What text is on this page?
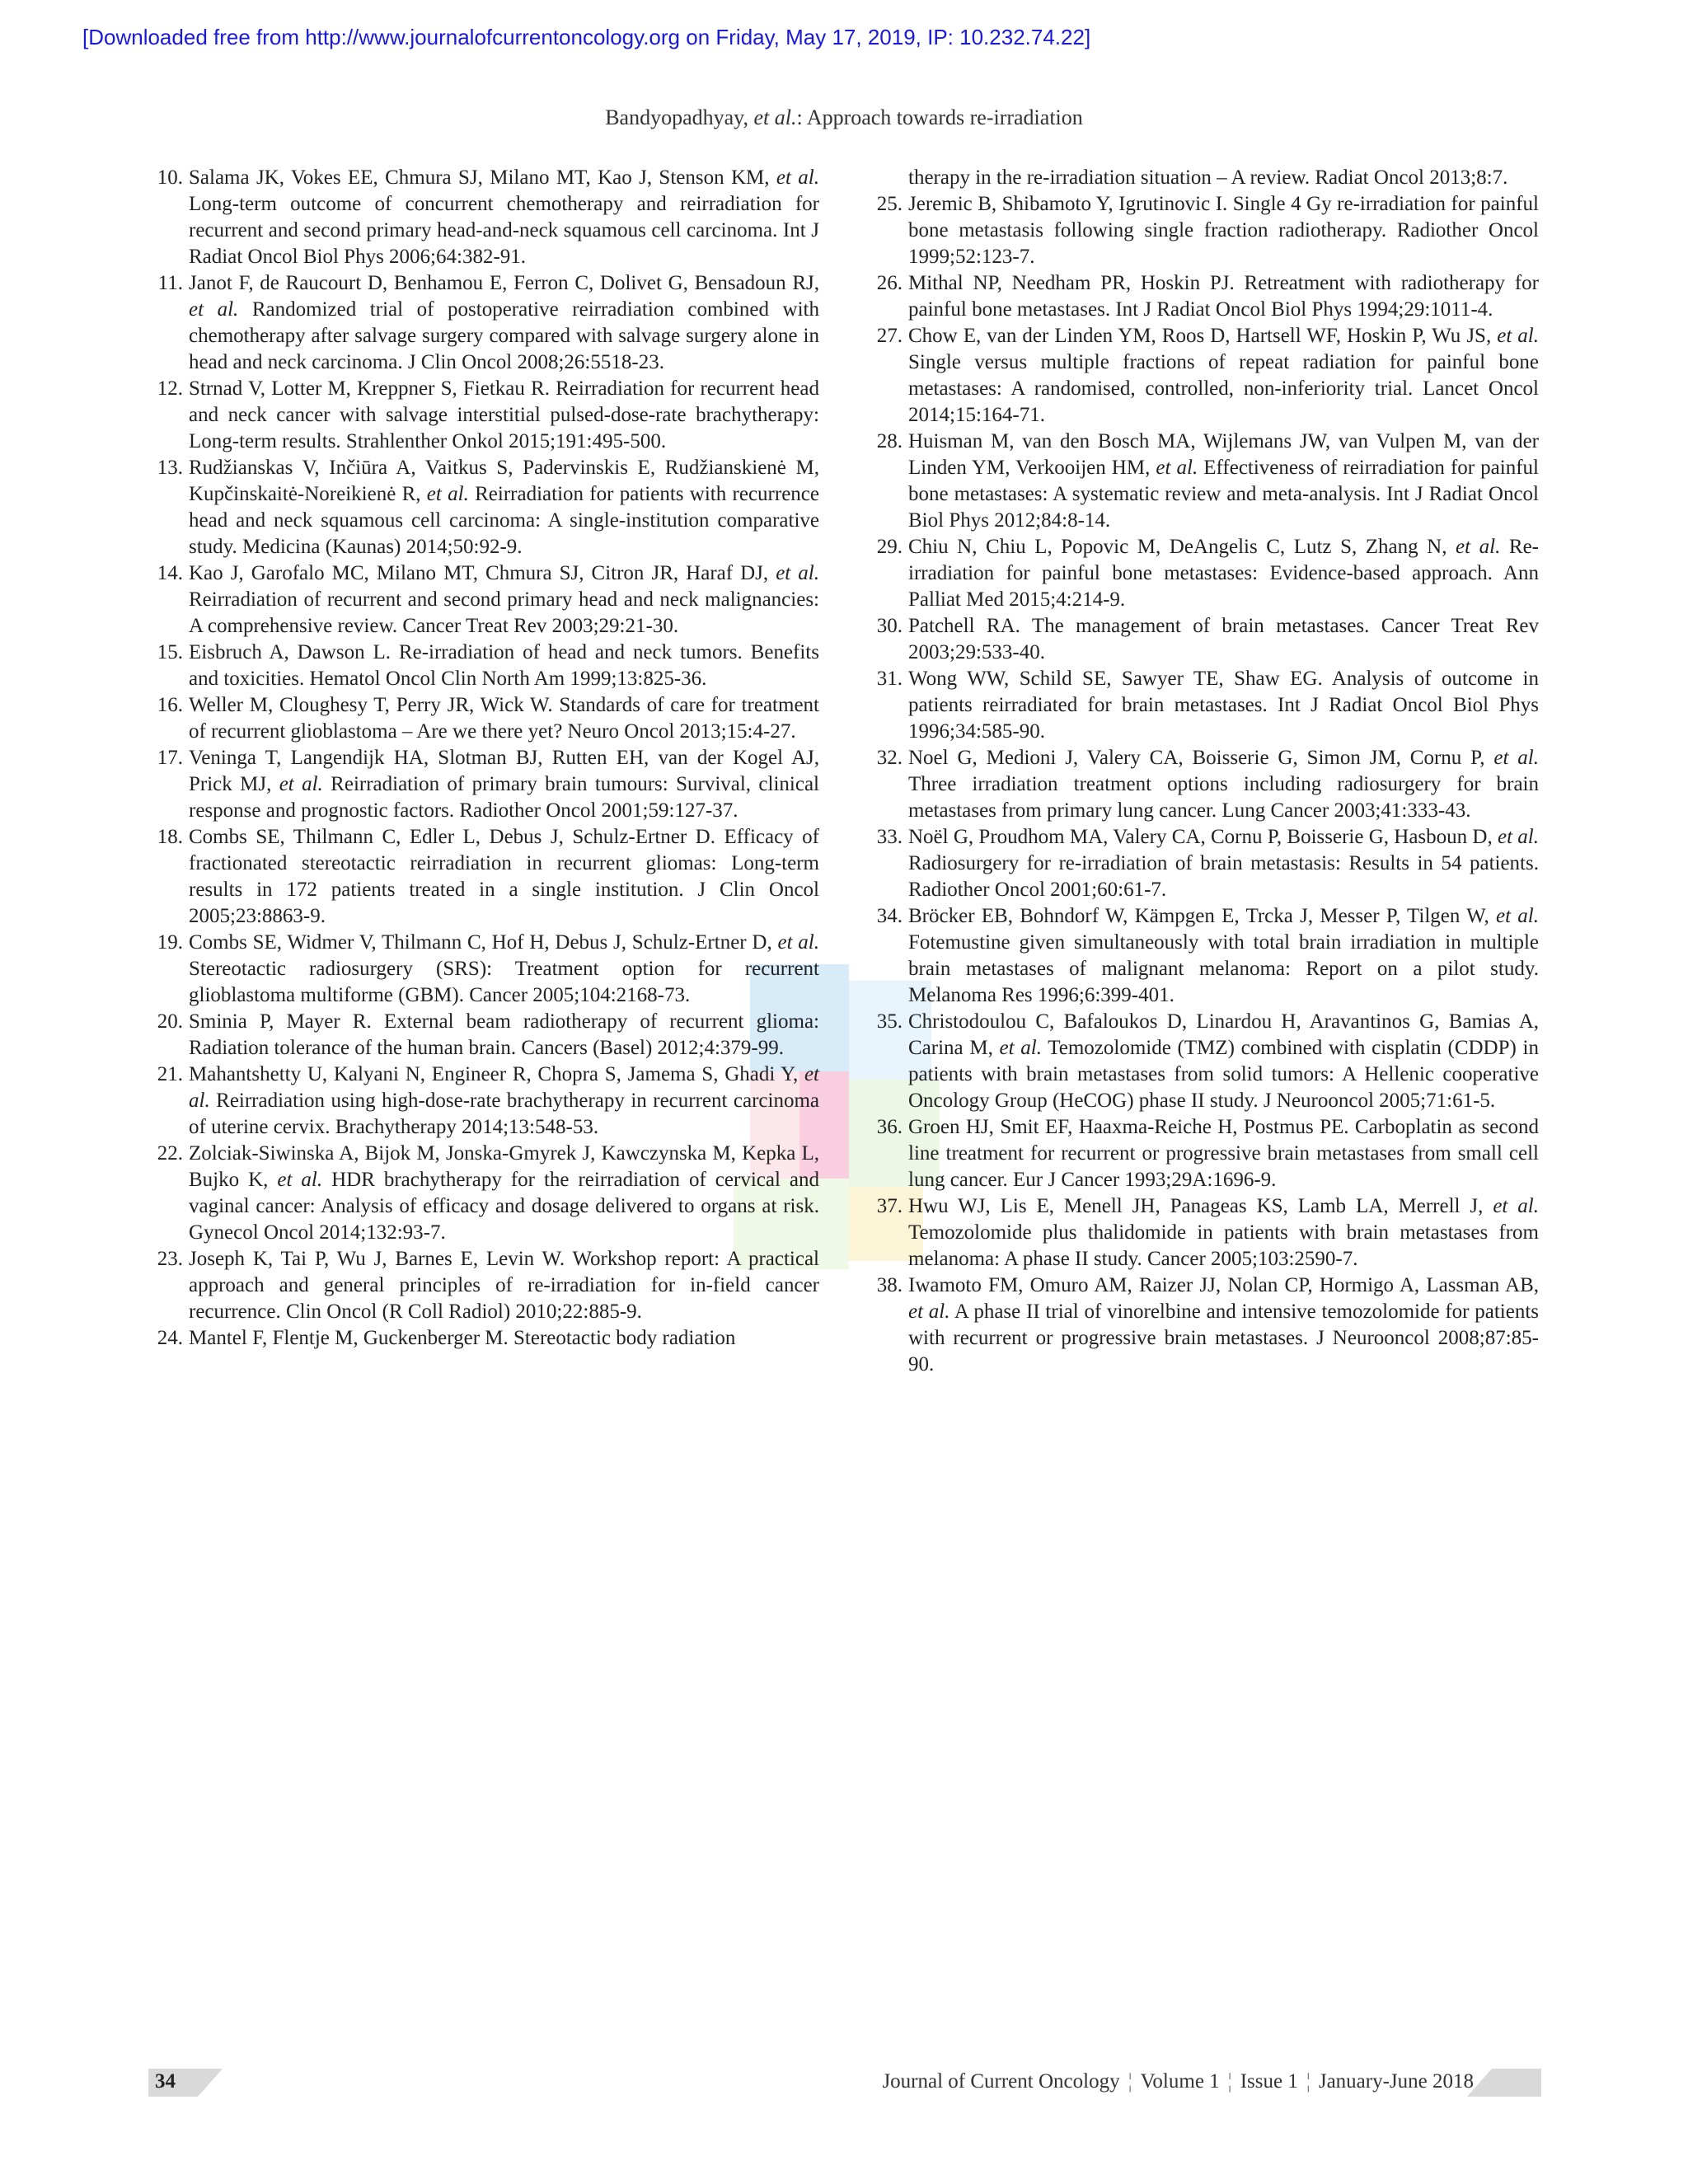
[Downloaded free from http://www.journalofcurrentoncology.org on Friday, May 17, 2019, IP: 10.232.74.22]
Bandyopadhyay, et al.: Approach towards re-irradiation

10. Salama JK, Vokes EE, Chmura SJ, Milano MT, Kao J, Stenson KM, et al. Long-term outcome of concurrent chemotherapy and reirradiation for recurrent and second primary head-and-neck squamous cell carcinoma. Int J Radiat Oncol Biol Phys 2006;64:382-91.

11. Janot F, de Raucourt D, Benhamou E, Ferron C, Dolivet G, Bensadoun RJ, et al. Randomized trial of postoperative reirradiation combined with chemotherapy after salvage surgery compared with salvage surgery alone in head and neck carcinoma. J Clin Oncol 2008;26:5518-23.

12. Strnad V, Lotter M, Kreppner S, Fietkau R. Reirradiation for recurrent head and neck cancer with salvage interstitial pulsed-dose-rate brachytherapy: Long-term results. Strahlenther Onkol 2015;191:495-500.

13. Rudžianskas V, Inčiūra A, Vaitkus S, Padervinskis E, Rudžianskienė M, Kupčinskaitė-Noreikienė R, et al. Reirradiation for patients with recurrence head and neck squamous cell carcinoma: A single-institution comparative study. Medicina (Kaunas) 2014;50:92-9.

14. Kao J, Garofalo MC, Milano MT, Chmura SJ, Citron JR, Haraf DJ, et al. Reirradiation of recurrent and second primary head and neck malignancies: A comprehensive review. Cancer Treat Rev 2003;29:21-30.

15. Eisbruch A, Dawson L. Re-irradiation of head and neck tumors. Benefits and toxicities. Hematol Oncol Clin North Am 1999;13:825-36.

16. Weller M, Cloughesy T, Perry JR, Wick W. Standards of care for treatment of recurrent glioblastoma – Are we there yet? Neuro Oncol 2013;15:4-27.

17. Veninga T, Langendijk HA, Slotman BJ, Rutten EH, van der Kogel AJ, Prick MJ, et al. Reirradiation of primary brain tumours: Survival, clinical response and prognostic factors. Radiother Oncol 2001;59:127-37.

18. Combs SE, Thilmann C, Edler L, Debus J, Schulz-Ertner D. Efficacy of fractionated stereotactic reirradiation in recurrent gliomas: Long-term results in 172 patients treated in a single institution. J Clin Oncol 2005;23:8863-9.

19. Combs SE, Widmer V, Thilmann C, Hof H, Debus J, Schulz-Ertner D, et al. Stereotactic radiosurgery (SRS): Treatment option for recurrent glioblastoma multiforme (GBM). Cancer 2005;104:2168-73.

20. Sminia P, Mayer R. External beam radiotherapy of recurrent glioma: Radiation tolerance of the human brain. Cancers (Basel) 2012;4:379-99.

21. Mahantshetty U, Kalyani N, Engineer R, Chopra S, Jamema S, Ghadi Y, et al. Reirradiation using high-dose-rate brachytherapy in recurrent carcinoma of uterine cervix. Brachytherapy 2014;13:548-53.

22. Zolciak-Siwinska A, Bijok M, Jonska-Gmyrek J, Kawczynska M, Kepka L, Bujko K, et al. HDR brachytherapy for the reirradiation of cervical and vaginal cancer: Analysis of efficacy and dosage delivered to organs at risk. Gynecol Oncol 2014;132:93-7.

23. Joseph K, Tai P, Wu J, Barnes E, Levin W. Workshop report: A practical approach and general principles of re-irradiation for in-field cancer recurrence. Clin Oncol (R Coll Radiol) 2010;22:885-9.

24. Mantel F, Flentje M, Guckenberger M. Stereotactic body radiation

therapy in the re-irradiation situation – A review. Radiat Oncol 2013;8:7.

25. Jeremic B, Shibamoto Y, Igrutinovic I. Single 4 Gy re-irradiation for painful bone metastasis following single fraction radiotherapy. Radiother Oncol 1999;52:123-7.

26. Mithal NP, Needham PR, Hoskin PJ. Retreatment with radiotherapy for painful bone metastases. Int J Radiat Oncol Biol Phys 1994;29:1011-4.

27. Chow E, van der Linden YM, Roos D, Hartsell WF, Hoskin P, Wu JS, et al. Single versus multiple fractions of repeat radiation for painful bone metastases: A randomised, controlled, non-inferiority trial. Lancet Oncol 2014;15:164-71.

28. Huisman M, van den Bosch MA, Wijlemans JW, van Vulpen M, van der Linden YM, Verkooijen HM, et al. Effectiveness of reirradiation for painful bone metastases: A systematic review and meta-analysis. Int J Radiat Oncol Biol Phys 2012;84:8-14.

29. Chiu N, Chiu L, Popovic M, DeAngelis C, Lutz S, Zhang N, et al. Re-irradiation for painful bone metastases: Evidence-based approach. Ann Palliat Med 2015;4:214-9.

30. Patchell RA. The management of brain metastases. Cancer Treat Rev 2003;29:533-40.

31. Wong WW, Schild SE, Sawyer TE, Shaw EG. Analysis of outcome in patients reirradiated for brain metastases. Int J Radiat Oncol Biol Phys 1996;34:585-90.

32. Noel G, Medioni J, Valery CA, Boisserie G, Simon JM, Cornu P, et al. Three irradiation treatment options including radiosurgery for brain metastases from primary lung cancer. Lung Cancer 2003;41:333-43.

33. Noël G, Proudhom MA, Valery CA, Cornu P, Boisserie G, Hasboun D, et al. Radiosurgery for re-irradiation of brain metastasis: Results in 54 patients. Radiother Oncol 2001;60:61-7.

34. Bröcker EB, Bohndorf W, Kämpgen E, Trcka J, Messer P, Tilgen W, et al. Fotemustine given simultaneously with total brain irradiation in multiple brain metastases of malignant melanoma: Report on a pilot study. Melanoma Res 1996;6:399-401.

35. Christodoulou C, Bafaloukos D, Linardou H, Aravantinos G, Bamias A, Carina M, et al. Temozolomide (TMZ) combined with cisplatin (CDDP) in patients with brain metastases from solid tumors: A Hellenic cooperative Oncology Group (HeCOG) phase II study. J Neurooncol 2005;71:61-5.

36. Groen HJ, Smit EF, Haaxma-Reiche H, Postmus PE. Carboplatin as second line treatment for recurrent or progressive brain metastases from small cell lung cancer. Eur J Cancer 1993;29A:1696-9.

37. Hwu WJ, Lis E, Menell JH, Panageas KS, Lamb LA, Merrell J, et al. Temozolomide plus thalidomide in patients with brain metastases from melanoma: A phase II study. Cancer 2005;103:2590-7.

38. Iwamoto FM, Omuro AM, Raizer JJ, Nolan CP, Hormigo A, Lassman AB, et al. A phase II trial of vinorelbine and intensive temozolomide for patients with recurrent or progressive brain metastases. J Neurooncol 2008;87:85-90.

34	Journal of Current Oncology ¦ Volume 1 ¦ Issue 1 ¦ January-June 2018
